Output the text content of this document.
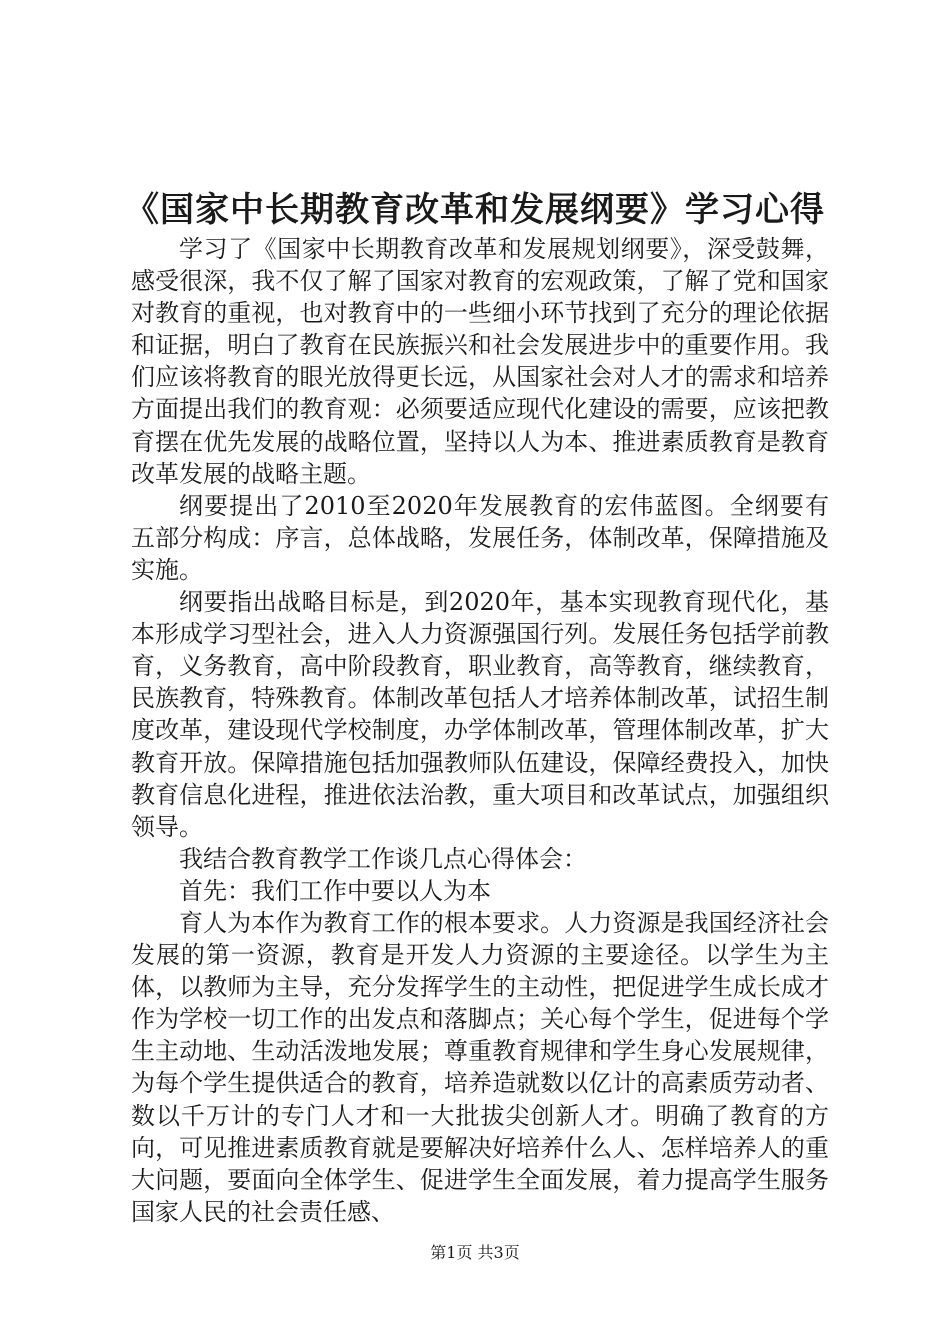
《国家中长期教育改革和发展纲要》学习心得

学习了《国家中长期教育改革和发展规划纲要》，深受鼓舞，感受很深，我不仅了解了国家对教育的宏观政策，了解了党和国家对教育的重视，也对教育中的一些细小环节找到了充分的理论依据和证据，明白了教育在民族振兴和社会发展进步中的重要作用。我们应该将教育的眼光放得更长远，从国家社会对人才的需求和培养方面提出我们的教育观：必须要适应现代化建设的需要，应该把教育摆在优先发展的战略位置，坚持以人为本、推进素质教育是教育改革发展的战略主题。

纲要提出了2010至2020年发展教育的宏伟蓝图。全纲要有五部分构成：序言，总体战略，发展任务，体制改革，保障措施及实施。

纲要指出战略目标是，到2020年，基本实现教育现代化，基本形成学习型社会，进入人力资源强国行列。发展任务包括学前教育，义务教育，高中阶段教育，职业教育，高等教育，继续教育，民族教育，特殊教育。体制改革包括人才培养体制改革，试招生制度改革，建设现代学校制度，办学体制改革，管理体制改革，扩大教育开放。保障措施包括加强教师队伍建设，保障经费投入，加快教育信息化进程，推进依法治教，重大项目和改革试点，加强组织领导。

我结合教育教学工作谈几点心得体会：

首先：我们工作中要以人为本

育人为本作为教育工作的根本要求。人力资源是我国经济社会发展的第一资源，教育是开发人力资源的主要途径。以学生为主体，以教师为主导，充分发挥学生的主动性，把促进学生成长成才作为学校一切工作的出发点和落脚点；关心每个学生，促进每个学生主动地、生动活泼地发展；尊重教育规律和学生身心发展规律，为每个学生提供适合的教育，培养造就数以亿计的高素质劳动者、数以千万计的专门人才和一大批拔尖创新人才。明确了教育的方向，可见推进素质教育就是要解决好培养什么人、怎样培养人的重大问题，要面向全体学生、促进学生全面发展，着力提高学生服务国家人民的社会责任感、

第1页 共3页
